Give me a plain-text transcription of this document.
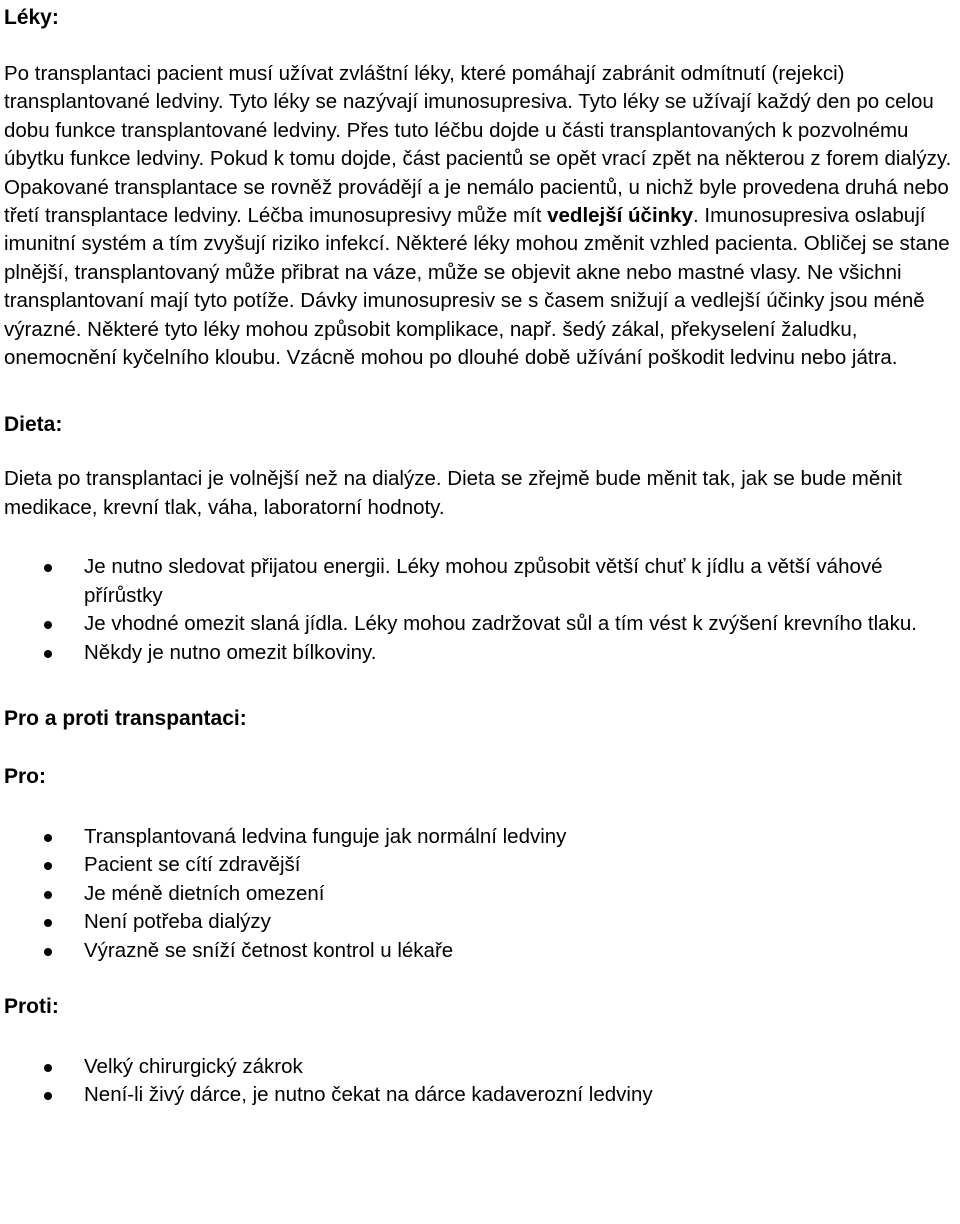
Léky:

Po transplantaci pacient musí užívat zvláštní léky, které pomáhají zabránit odmítnutí (rejekci) transplantované ledviny. Tyto léky se nazývají imunosupresiva. Tyto léky se užívají každý den po celou dobu funkce transplantované ledviny. Přes tuto léčbu dojde u části transplantovaných k pozvolnému úbytku funkce ledviny. Pokud k tomu dojde, část pacientů se opět vrací zpět na některou z forem dialýzy. Opakované transplantace se rovněž provádějí a je nemálo pacientů, u nichž byle provedena druhá nebo třetí transplantace ledviny. Léčba imunosupresivy může mít vedlejší účinky. Imunosupresiva oslabují imunitní systém a tím zvyšují riziko infekcí. Některé léky mohou změnit vzhled pacienta. Obličej se stane plnější, transplantovaný může přibrat na váze, může se objevit akne nebo mastné vlasy. Ne všichni transplantovaní mají tyto potíže. Dávky imunosupresiv se s časem snižují a vedlejší účinky jsou méně výrazné. Některé tyto léky mohou způsobit komplikace, např. šedý zákal, překyselení žaludku, onemocnění kyčelního kloubu. Vzácně mohou po dlouhé době užívání poškodit ledvinu nebo játra.

Dieta:

Dieta po transplantaci je volnější než na dialýze. Dieta se zřejmě bude měnit tak, jak se bude měnit medikace, krevní tlak, váha, laboratorní hodnoty.

Je nutno sledovat přijatou energii. Léky mohou způsobit větší chuť k jídlu a větší váhové přírůstky
Je vhodné omezit slaná jídla. Léky mohou zadržovat sůl a tím vést k zvýšení krevního tlaku.
Někdy je nutno omezit bílkoviny.
Pro a proti transpantaci:
Pro:
Transplantovaná ledvina funguje jak normální ledviny
Pacient se cítí zdravější
Je méně dietních omezení
Není potřeba dialýzy
Výrazně se sníží četnost kontrol u lékaře
Proti:
Velký chirurgický zákrok
Není-li živý dárce, je nutno čekat na dárce kadaverozní ledviny
